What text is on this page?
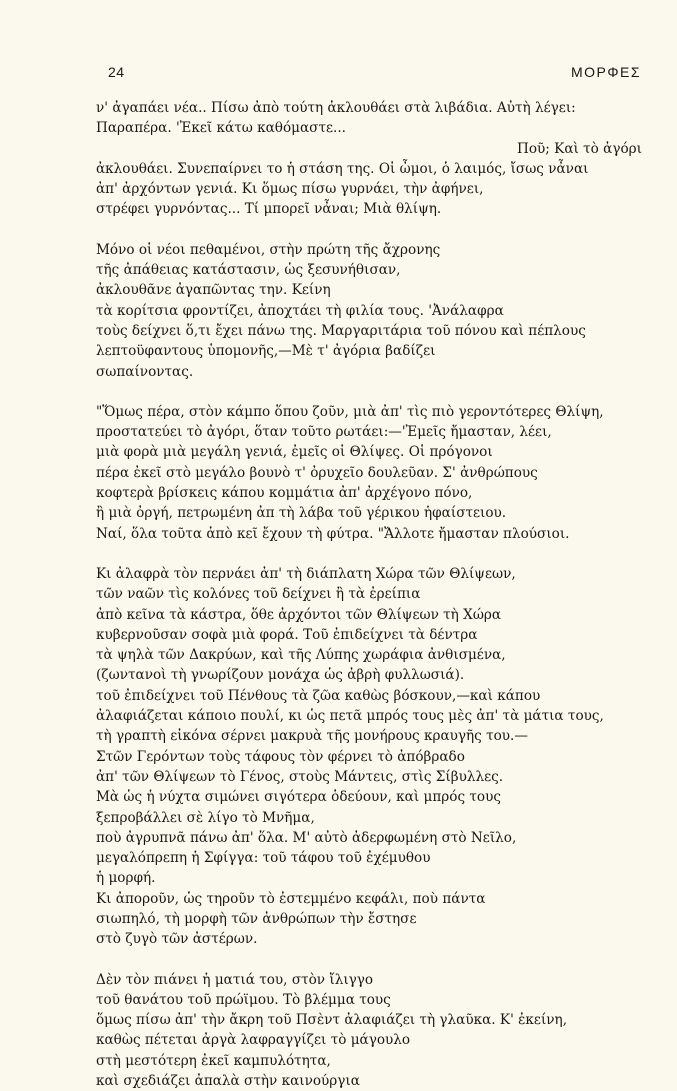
24	ΜΟΡΦΕΣ
ν' ἀγαπάει νέα.. Πίσω ἀπὸ τούτη ἀκλουθάει στὰ λιβάδια. Αὐτὴ λέγει:
Παραπέρα. 'Ἐκεῖ κάτω καθόμαστε...
Ποῦ; Καὶ τὸ ἀγόρι
ἀκλουθάει. Συνεπαίρνει το ἡ στάση της. Οἱ ὦμοι, ὁ λαιμός, ἴσως νἆναι
ἀπ' ἀρχόντων γενιά. Κι ὅμως πίσω γυρνάει, τὴν ἀφήνει,
στρέφει γυρνόντας... Τί μπορεῖ νἆναι; Μιὰ θλίψη.
Μόνο οἱ νέοι πεθαμένοι, στὴν πρώτη τῆς ἄχρονης
τῆς ἀπάθειας κατάστασιν, ὡς ξεσυνήθισαν,
ἀκλουθᾶνε ἀγαπῶντας την. Κείνη
τὰ κορίτσια φροντίζει, ἀποχτάει τὴ φιλία τους. 'Ἀνάλαφρα
τοὺς δείχνει ὅ,τι ἔχει πάνω της. Μαργαριτάρια τοῦ πόνου καὶ πέπλους
λεπτοϋφαντους ὑπομονῆς,—Μὲ τ' ἀγόρια βαδίζει
σωπαίνοντας.
"Ὅμως πέρα, στὸν κάμπο ὅπου ζοῦν, μιὰ ἀπ' τὶς πιὸ γεροντότερες Θλίψη,
προστατεύει τὸ ἀγόρι, ὅταν τοῦτο ρωτάει:—'Ἐμεῖς ἤμασταν, λέει,
μιὰ φορὰ μιὰ μεγάλη γενιά, ἐμεῖς οἱ Θλίψες. Οἱ πρόγονοι
πέρα ἐκεῖ στὸ μεγάλο βουνὸ τ' ὀρυχεῖο δουλεῦαν. Σ' ἀνθρώπους
κοφτερὰ βρίσκεις κάπου κομμάτια ἀπ' ἀρχέγονο πόνο,
ἢ μιὰ ὀργή, πετρωμένη ἀπ τὴ λάβα τοῦ γέρικου ἡφαίστειου.
Ναί, ὅλα τοῦτα ἀπὸ κεῖ ἔχουν τὴ φύτρα. "Ἄλλοτε ἤμασταν πλούσιοι.
Κι ἀλαφρὰ τὸν περνάει ἀπ' τὴ διάπλατη Χώρα τῶν Θλίψεων,
τῶν ναῶν τὶς κολόνες τοῦ δείχνει ἢ τὰ ἐρείπια
ἀπὸ κεῖνα τὰ κάστρα, ὅθε ἀρχόντοι τῶν Θλίψεων τὴ Χώρα
κυβερνοῦσαν σοφὰ μιὰ φορά. Τοῦ ἐπιδείχνει τὰ δέντρα
τὰ ψηλὰ τῶν Δακρύων, καὶ τῆς Λύπης χωράφια ἀνθισμένα,
(ζωντανοὶ τὴ γνωρίζουν μονάχα ὡς ἀβρὴ φυλλωσιά).
τοῦ ἐπιδείχνει τοῦ Πένθους τὰ ζῶα καθὼς βόσκουν,—καὶ κάπου
ἀλαφιάζεται κάποιο πουλί, κι ὡς πετᾶ μπρός τους μὲς ἀπ' τὰ μάτια τους,
τὴ γραπτὴ εἰκόνα σέρνει μακρυὰ τῆς μονήρους κραυγῆς του.—
Στῶν Γερόντων τοὺς τάφους τὸν φέρνει τὸ ἀπόβραδο
ἀπ' τῶν Θλίψεων τὸ Γένος, στοὺς Μάντεις, στὶς Σίβυλλες.
Μὰ ὡς ἡ νύχτα σιμώνει σιγότερα ὁδεύουν, καὶ μπρός τους
ξεπροβάλλει σὲ λίγο τὸ Μνῆμα,
ποὺ ἀγρυπνᾶ πάνω ἀπ' ὅλα. Μ' αὐτὸ ἀδερφωμένη στὸ Νεῖλο,
μεγαλόπρεπη ἡ Σφίγγα: τοῦ τάφου τοῦ ἐχέμυθου
ἡ μορφή.
Κι ἀπορoῦν, ὡς τηροῦν τὸ ἐστεμμένο κεφάλι, ποὺ πάντα
σιωπηλό, τὴ μορφὴ τῶν ἀνθρώπων τὴν ἔστησε
στὸ ζυγὸ τῶν ἀστέρων.
Δὲν τὸν πιάνει ἡ ματιά του, στὸν ἴλιγγο
τοῦ θανάτου τοῦ πρώϊμου. Τὸ βλέμμα τους
ὅμως πίσω ἀπ' τὴν ἄκρη τοῦ Πσὲντ ἀλαφιάζει τὴ γλαῦκα. Κ' ἐκείνη,
καθὼς πέτεται ἀργὰ λαφραγγίζει τὸ μάγουλο
στὴ μεστότερη ἐκεῖ καμπυλότητα,
καὶ σχεδιάζει ἀπαλὰ στὴν καινούργια
